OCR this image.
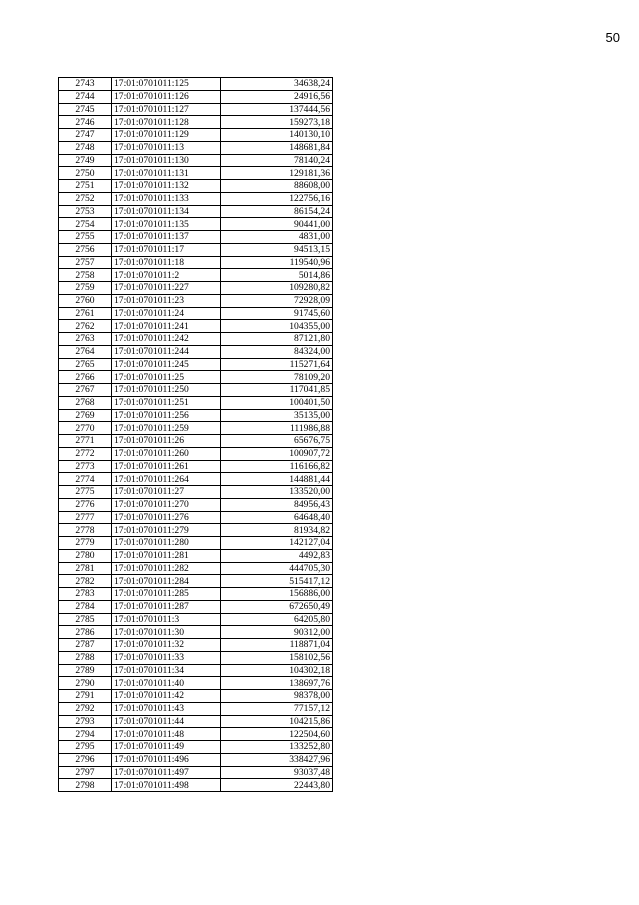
50
2743	17:01:0701011:125	34638,24
2744	17:01:0701011:126	24916,56
2745	17:01:0701011:127	137444,56
2746	17:01:0701011:128	159273,18
2747	17:01:0701011:129	140130,10
2748	17:01:0701011:13	148681,84
2749	17:01:0701011:130	78140,24
2750	17:01:0701011:131	129181,36
2751	17:01:0701011:132	88608,00
2752	17:01:0701011:133	122756,16
2753	17:01:0701011:134	86154,24
2754	17:01:0701011:135	90441,00
2755	17:01:0701011:137	4831,00
2756	17:01:0701011:17	94513,15
2757	17:01:0701011:18	119540,96
2758	17:01:0701011:2	5014,86
2759	17:01:0701011:227	109280,82
2760	17:01:0701011:23	72928,09
2761	17:01:0701011:24	91745,60
2762	17:01:0701011:241	104355,00
2763	17:01:0701011:242	87121,80
2764	17:01:0701011:244	84324,00
2765	17:01:0701011:245	115271,64
2766	17:01:0701011:25	78109,20
2767	17:01:0701011:250	117041,85
2768	17:01:0701011:251	100401,50
2769	17:01:0701011:256	35135,00
2770	17:01:0701011:259	111986,88
2771	17:01:0701011:26	65676,75
2772	17:01:0701011:260	100907,72
2773	17:01:0701011:261	116166,82
2774	17:01:0701011:264	144881,44
2775	17:01:0701011:27	133520,00
2776	17:01:0701011:270	84956,43
2777	17:01:0701011:276	64648,40
2778	17:01:0701011:279	81934,82
2779	17:01:0701011:280	142127,04
2780	17:01:0701011:281	4492,83
2781	17:01:0701011:282	444705,30
2782	17:01:0701011:284	515417,12
2783	17:01:0701011:285	156886,00
2784	17:01:0701011:287	672650,49
2785	17:01:0701011:3	64205,80
2786	17:01:0701011:30	90312,00
2787	17:01:0701011:32	118871,04
2788	17:01:0701011:33	158102,56
2789	17:01:0701011:34	104302,18
2790	17:01:0701011:40	138697,76
2791	17:01:0701011:42	98378,00
2792	17:01:0701011:43	77157,12
2793	17:01:0701011:44	104215,86
2794	17:01:0701011:48	122504,60
2795	17:01:0701011:49	133252,80
2796	17:01:0701011:496	338427,96
2797	17:01:0701011:497	93037,48
2798	17:01:0701011:498	22443,80
